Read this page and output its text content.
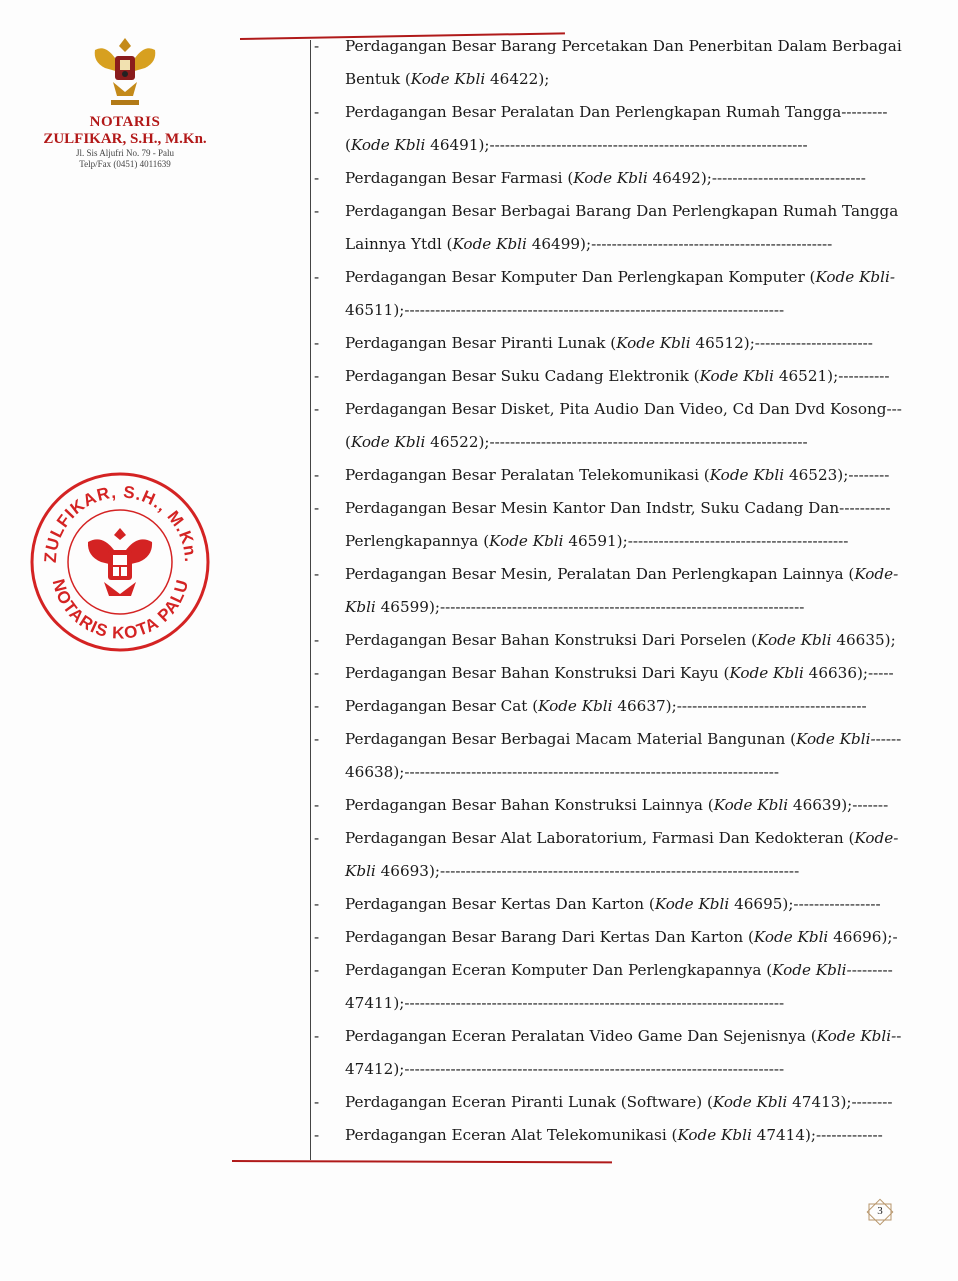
NOTARIS
ZULFIKAR, S.H., M.Kn.
Jl. Sis Aljufri No. 79 - Palu
Telp/Fax (0451) 4011639
ZULFIKAR, S.H., M.Kn.
NOTARIS KOTA PALU
-	Perdagangan Besar Barang Percetakan Dan Penerbitan Dalam Berbagai
Bentuk (Kode Kbli 46422);
-	Perdagangan Besar Peralatan Dan Perlengkapan Rumah Tangga---------
(Kode Kbli 46491);--------------------------------------------------------------
-	Perdagangan Besar Farmasi (Kode Kbli 46492);------------------------------
-	Perdagangan Besar Berbagai Barang Dan Perlengkapan Rumah Tangga
Lainnya Ytdl (Kode Kbli 46499);-----------------------------------------------
-	Perdagangan Besar Komputer Dan Perlengkapan Komputer (Kode Kbli-
46511);--------------------------------------------------------------------------
-	Perdagangan Besar Piranti Lunak (Kode Kbli 46512);-----------------------
-	Perdagangan Besar Suku Cadang Elektronik (Kode Kbli 46521);----------
-	Perdagangan Besar Disket, Pita Audio Dan Video, Cd Dan Dvd Kosong---
(Kode Kbli 46522);--------------------------------------------------------------
-	Perdagangan Besar Peralatan Telekomunikasi (Kode Kbli 46523);--------
-	Perdagangan Besar Mesin Kantor Dan Indstr, Suku Cadang Dan----------
Perlengkapannya (Kode Kbli 46591);-------------------------------------------
-	Perdagangan Besar Mesin, Peralatan Dan Perlengkapan Lainnya (Kode-
Kbli 46599);-----------------------------------------------------------------------
-	Perdagangan Besar Bahan Konstruksi Dari Porselen (Kode Kbli 46635);
-	Perdagangan Besar Bahan Konstruksi Dari Kayu (Kode Kbli 46636);-----
-	Perdagangan Besar Cat (Kode Kbli 46637);-------------------------------------
-	Perdagangan Besar Berbagai Macam Material Bangunan (Kode Kbli------
46638);-------------------------------------------------------------------------
-	Perdagangan Besar Bahan Konstruksi Lainnya (Kode Kbli 46639);-------
-	Perdagangan Besar Alat Laboratorium, Farmasi Dan Kedokteran (Kode-
Kbli 46693);----------------------------------------------------------------------
-	Perdagangan Besar Kertas Dan Karton (Kode Kbli 46695);-----------------
-	Perdagangan Besar Barang Dari Kertas Dan Karton (Kode Kbli 46696);-
-	Perdagangan Eceran Komputer Dan Perlengkapannya (Kode Kbli---------
47411);--------------------------------------------------------------------------
-	Perdagangan Eceran Peralatan Video Game Dan Sejenisnya (Kode Kbli--
47412);--------------------------------------------------------------------------
-	Perdagangan Eceran Piranti Lunak (Software) (Kode Kbli 47413);--------
-	Perdagangan Eceran Alat Telekomunikasi (Kode Kbli 47414);-------------
3
